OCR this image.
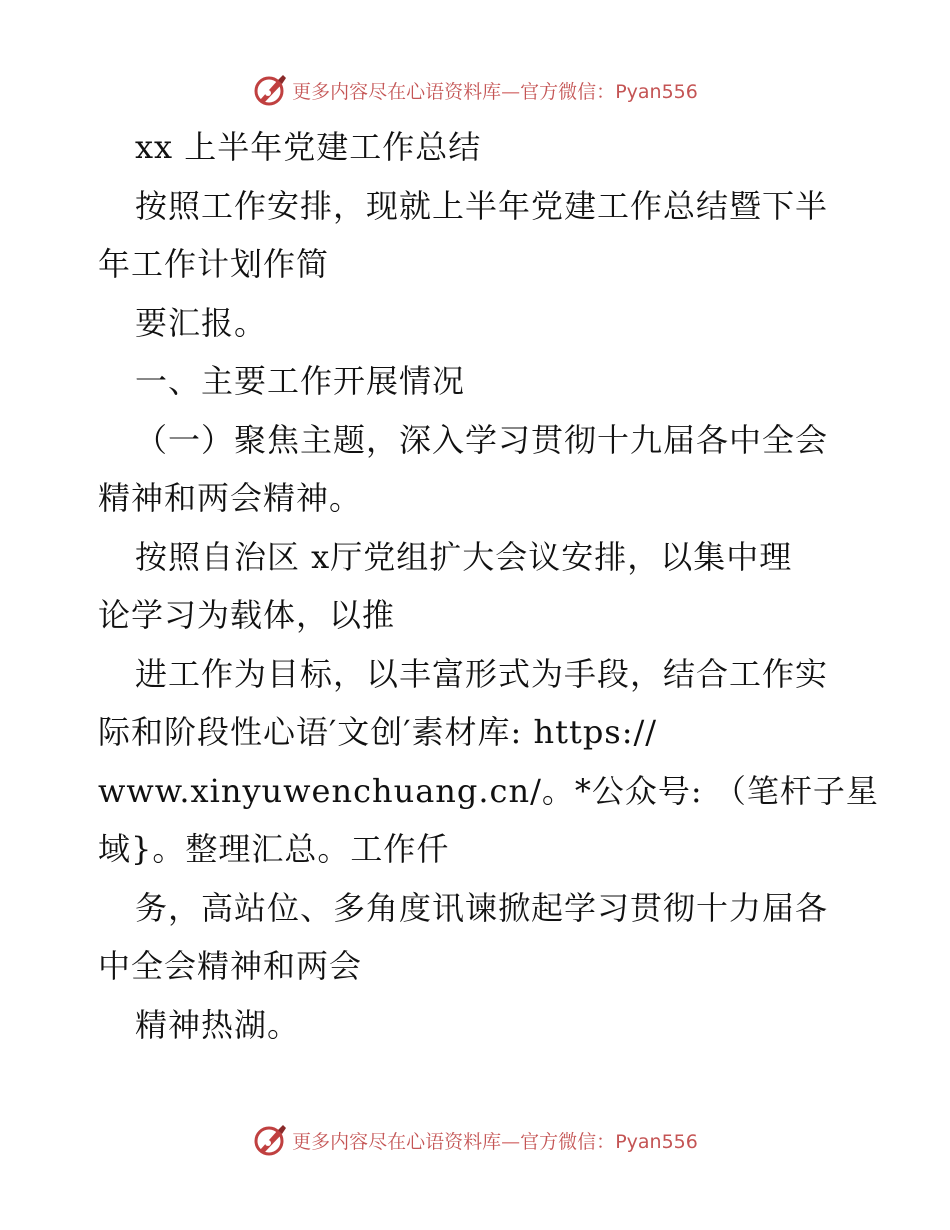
更多内容尽在心语资料库—官方微信：Pyan556
xx 上半年党建工作总结
按照工作安排，现就上半年党建工作总结暨下半
年工作计划作简
要汇报。
一、主要工作开展情况
（一）聚焦主题，深入学习贯彻十九届各中全会
精神和两会精神。
按照自治区 x厅党组扩大会议安排，以集中理
论学习为载体，以推
进工作为目标，以丰富形式为手段，结合工作实
际和阶段性心语′文创′素材库: https://
www.xinyuwenchuang.cn/。*公众号: （笔杆子星
域}。整理汇总。工作仟
务，高站位、多角度讯谏掀起学习贯彻十力届各
中全会精神和两会
精神热湖。
更多内容尽在心语资料库—官方微信：Pyan556
